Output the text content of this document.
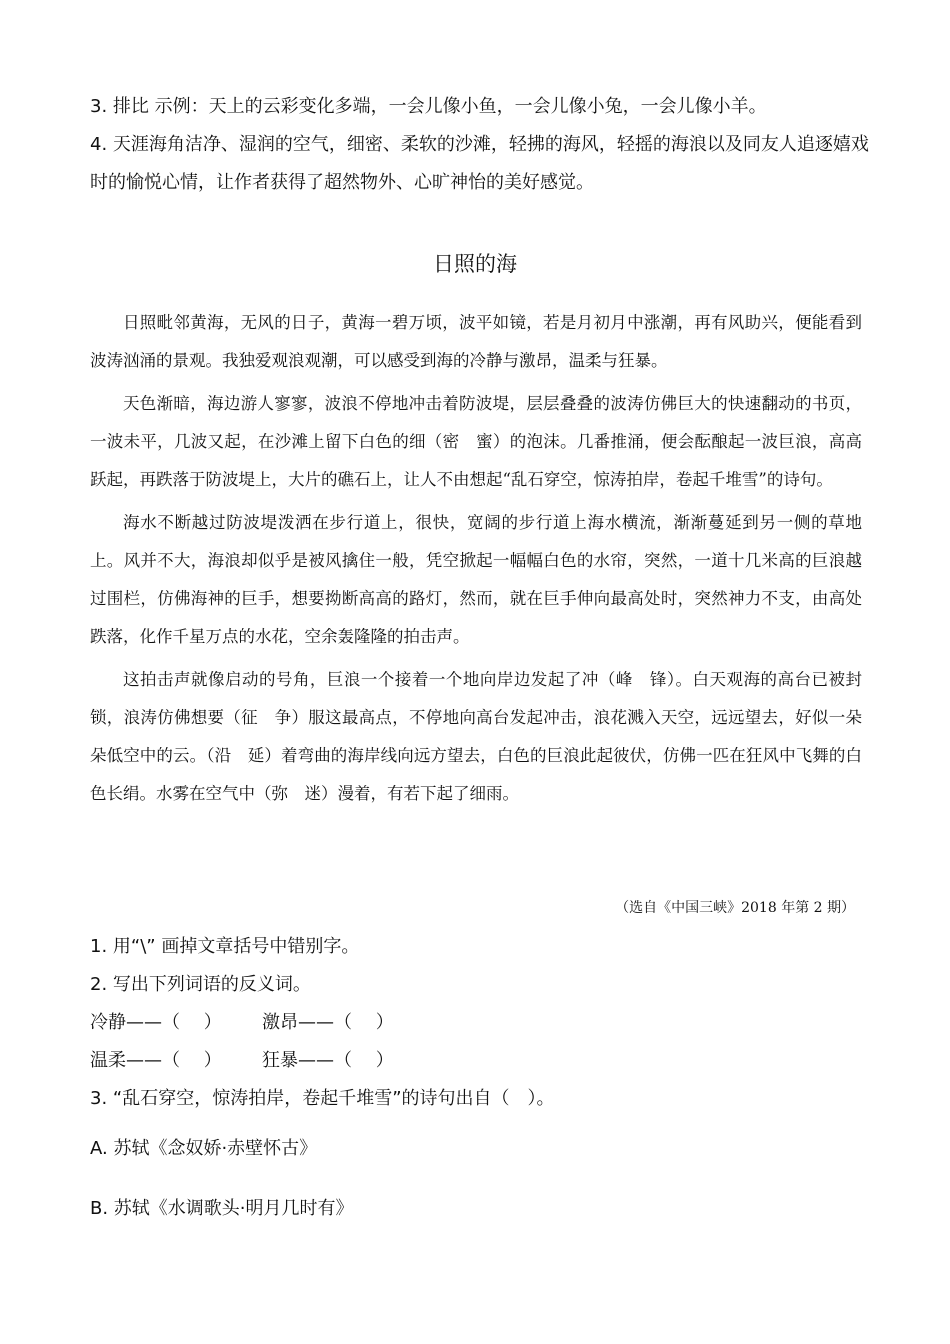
3. 排比 示例：天上的云彩变化多端，一会儿像小鱼，一会儿像小兔，一会儿像小羊。

4. 天涯海角洁净、湿润的空气，细密、柔软的沙滩，轻拂的海风，轻摇的海浪以及同友人追逐嬉戏时的愉悦心情，让作者获得了超然物外、心旷神怡的美好感觉。

日照的海

日照毗邻黄海，无风的日子，黄海一碧万顷，波平如镜，若是月初月中涨潮，再有风助兴，便能看到波涛汹涌的景观。我独爱观浪观潮，可以感受到海的冷静与激昂，温柔与狂暴。

天色渐暗，海边游人寥寥，波浪不停地冲击着防波堤，层层叠叠的波涛仿佛巨大的快速翻动的书页，一波未平，几波又起，在沙滩上留下白色的细（密　蜜）的泡沫。几番推涌，便会酝酿起一波巨浪，高高跃起，再跌落于防波堤上，大片的礁石上，让人不由想起“乱石穿空，惊涛拍岸，卷起千堆雪”的诗句。

海水不断越过防波堤泼洒在步行道上，很快，宽阔的步行道上海水横流，渐渐蔓延到另一侧的草地上。风并不大，海浪却似乎是被风擒住一般，凭空掀起一幅幅白色的水帘，突然，一道十几米高的巨浪越过围栏，仿佛海神的巨手，想要拗断高高的路灯，然而，就在巨手伸向最高处时，突然神力不支，由高处跌落，化作千星万点的水花，空余轰隆隆的拍击声。

这拍击声就像启动的号角，巨浪一个接着一个地向岸边发起了冲（峰　锋）。白天观海的高台已被封锁，浪涛仿佛想要（征　争）服这最高点，不停地向高台发起冲击，浪花溅入天空，远远望去，好似一朵朵低空中的云。（沿　延）着弯曲的海岸线向远方望去，白色的巨浪此起彼伏，仿佛一匹在狂风中飞舞的白色长绢。水雾在空气中（弥　迷）漫着，有若下起了细雨。

（选自《中国三峡》2018 年第 2 期）

1. 用“\” 画掉文章括号中错别字。

2. 写出下列词语的反义词。

冷静——（　 ）	激昂——（　 ）
温柔——（　 ）	狂暴——（　 ）

3. “乱石穿空，惊涛拍岸，卷起千堆雪”的诗句出自（　）。

A. 苏轼《念奴娇·赤壁怀古》

B. 苏轼《水调歌头·明月几时有》
